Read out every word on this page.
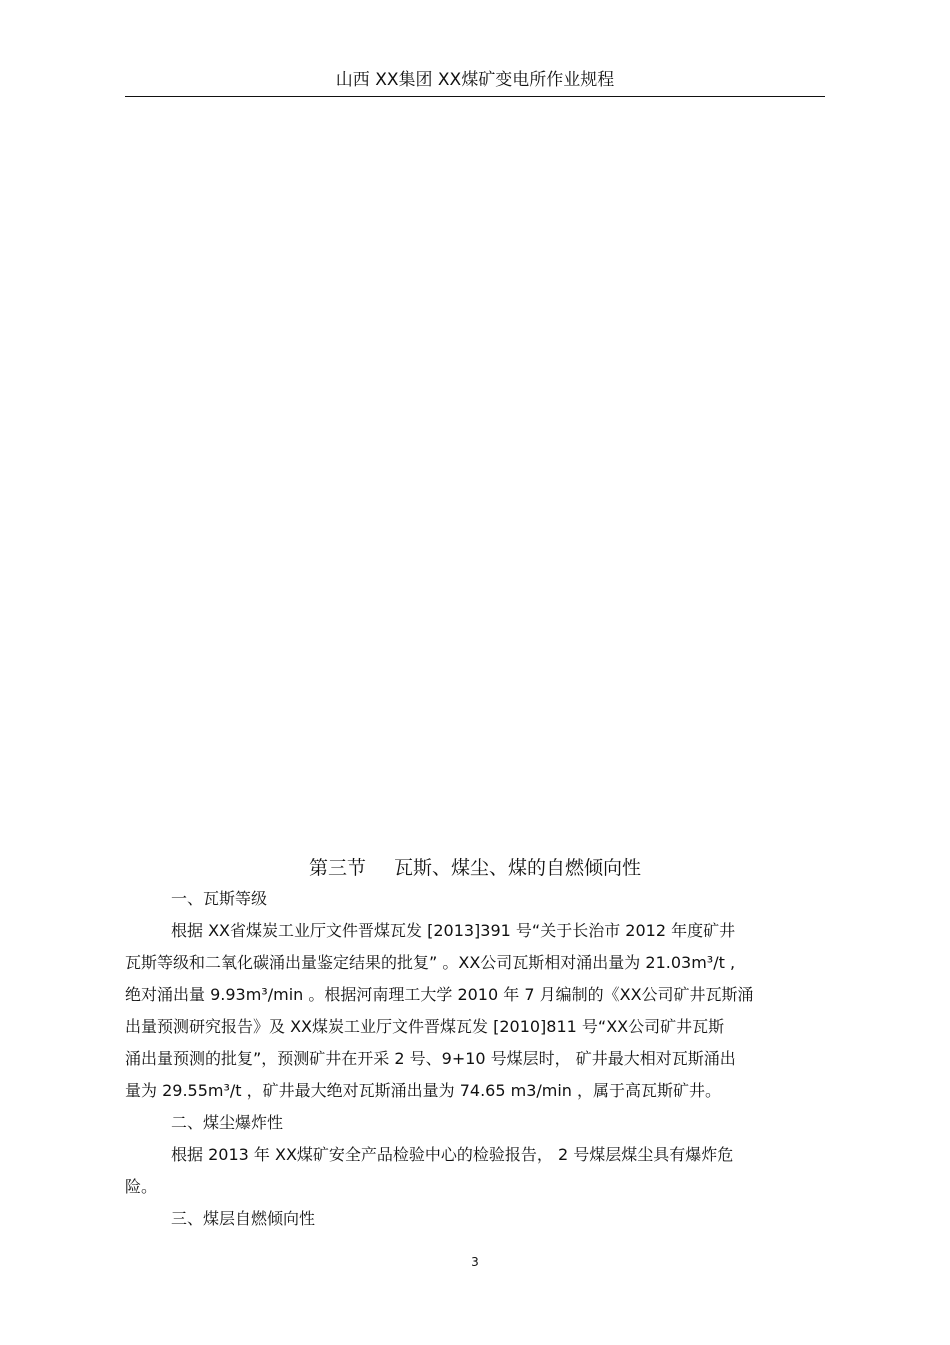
山西 XX集团 XX煤矿变电所作业规程
第三节 瓦斯、煤尘、煤的自燃倾向性
一、瓦斯等级
根据 XX省煤炭工业厅文件晋煤瓦发 [2013]391 号“关于长治市 2012 年度矿井
瓦斯等级和二氧化碳涌出量鉴定结果的批复” 。XX公司瓦斯相对涌出量为 21.03m³/t ,
绝对涌出量 9.93m³/min 。根据河南理工大学 2010 年 7 月编制的《XX公司矿井瓦斯涌
出量预测研究报告》及 XX煤炭工业厅文件晋煤瓦发 [2010]811 号“XX公司矿井瓦斯
涌出量预测的批复”，预测矿井在开采 2 号、9+10 号煤层时， 矿井最大相对瓦斯涌出
量为 29.55m³/t ，矿井最大绝对瓦斯涌出量为 74.65 m3/min ，属于高瓦斯矿井。
二、煤尘爆炸性
根据 2013 年 XX煤矿安全产品检验中心的检验报告， 2 号煤层煤尘具有爆炸危
险。
三、煤层自燃倾向性
3
